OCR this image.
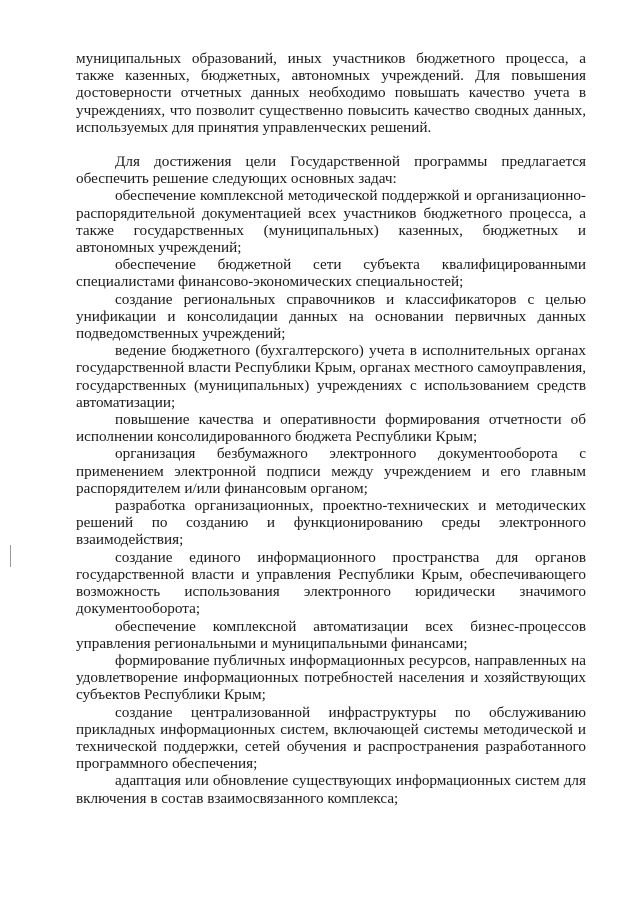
муниципальных образований, иных участников бюджетного процесса, а также казенных, бюджетных, автономных учреждений. Для повышения достоверности отчетных данных необходимо повышать качество учета в учреждениях, что позволит существенно повысить качество сводных данных, используемых для принятия управленческих решений.

Для достижения цели Государственной программы предлагается обеспечить решение следующих основных задач:

обеспечение комплексной методической поддержкой и организационно-распорядительной документацией всех участников бюджетного процесса, а также государственных (муниципальных) казенных, бюджетных и автономных учреждений;

обеспечение бюджетной сети субъекта квалифицированными специалистами финансово-экономических специальностей;

создание региональных справочников и классификаторов с целью унификации и консолидации данных на основании первичных данных подведомственных учреждений;

ведение бюджетного (бухгалтерского) учета в исполнительных органах государственной власти Республики Крым, органах местного самоуправления, государственных (муниципальных) учреждениях с использованием средств автоматизации;

повышение качества и оперативности формирования отчетности об исполнении консолидированного бюджета Республики Крым;

организация безбумажного электронного документооборота с применением электронной подписи между учреждением и его главным распорядителем и/или финансовым органом;

разработка организационных, проектно-технических и методических решений по созданию и функционированию среды электронного взаимодействия;

создание единого информационного пространства для органов государственной власти и управления Республики Крым, обеспечивающего возможность использования электронного юридически значимого документооборота;

обеспечение комплексной автоматизации всех бизнес-процессов управления региональными и муниципальными финансами;

формирование публичных информационных ресурсов, направленных на удовлетворение информационных потребностей населения и хозяйствующих субъектов Республики Крым;

создание централизованной инфраструктуры по обслуживанию прикладных информационных систем, включающей системы методической и технической поддержки, сетей обучения и распространения разработанного программного обеспечения;

адаптация или обновление существующих информационных систем для включения в состав взаимосвязанного комплекса;
